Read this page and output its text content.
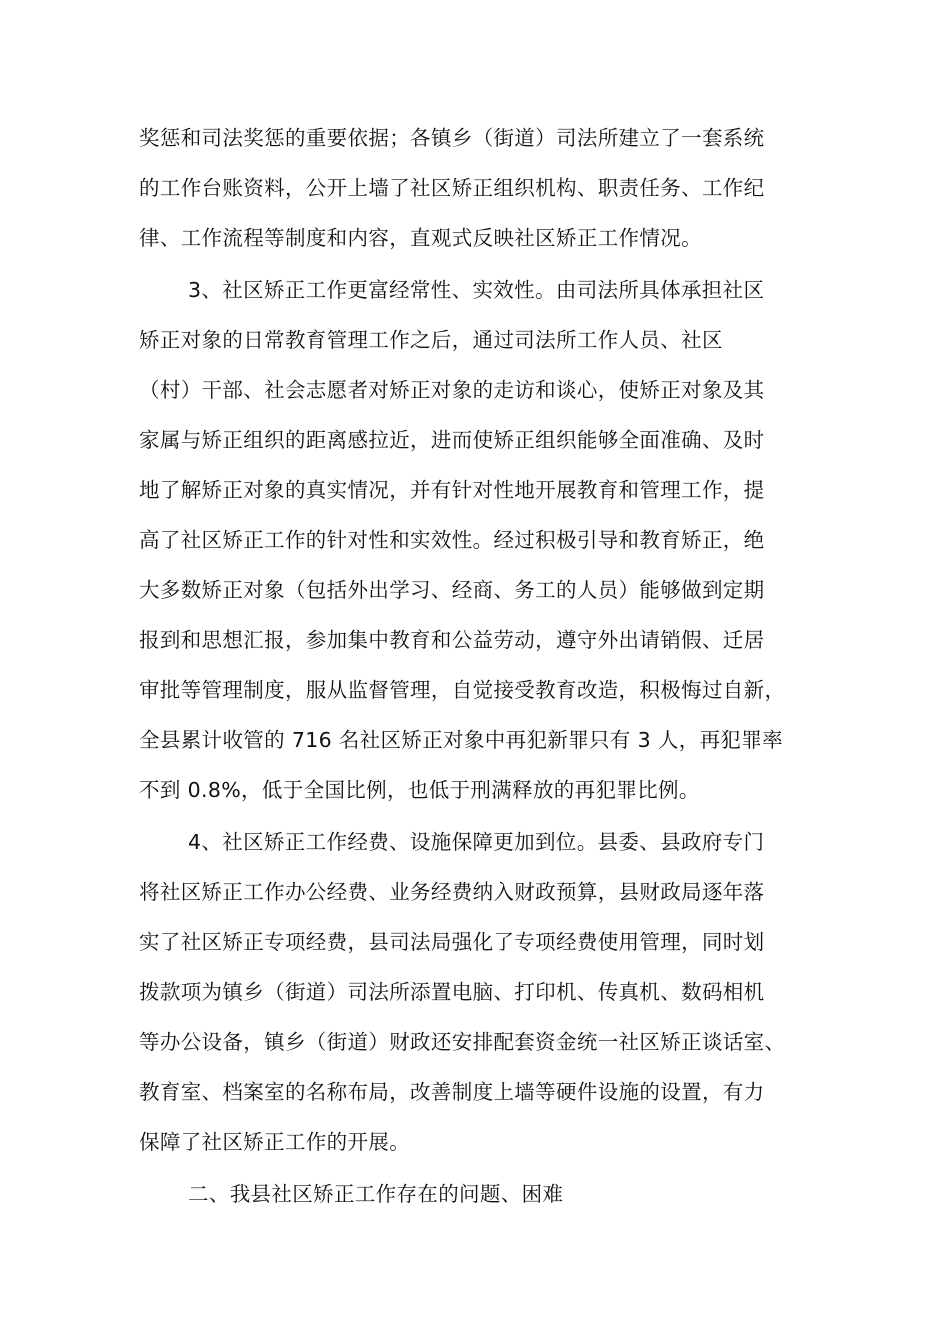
奖惩和司法奖惩的重要依据；各镇乡（街道）司法所建立了一套系统
的工作台账资料，公开上墙了社区矫正组织机构、职责任务、工作纪
律、工作流程等制度和内容，直观式反映社区矫正工作情况。
3、社区矫正工作更富经常性、实效性。由司法所具体承担社区
矫正对象的日常教育管理工作之后，通过司法所工作人员、社区
（村）干部、社会志愿者对矫正对象的走访和谈心，使矫正对象及其
家属与矫正组织的距离感拉近，进而使矫正组织能够全面准确、及时
地了解矫正对象的真实情况，并有针对性地开展教育和管理工作，提
高了社区矫正工作的针对性和实效性。经过积极引导和教育矫正，绝
大多数矫正对象（包括外出学习、经商、务工的人员）能够做到定期
报到和思想汇报，参加集中教育和公益劳动，遵守外出请销假、迁居
审批等管理制度，服从监督管理，自觉接受教育改造，积极悔过自新，
全县累计收管的 716 名社区矫正对象中再犯新罪只有 3 人，再犯罪率
不到 0.8%，低于全国比例，也低于刑满释放的再犯罪比例。
4、社区矫正工作经费、设施保障更加到位。县委、县政府专门
将社区矫正工作办公经费、业务经费纳入财政预算，县财政局逐年落
实了社区矫正专项经费，县司法局强化了专项经费使用管理，同时划
拨款项为镇乡（街道）司法所添置电脑、打印机、传真机、数码相机
等办公设备，镇乡（街道）财政还安排配套资金统一社区矫正谈话室、
教育室、档案室的名称布局，改善制度上墙等硬件设施的设置，有力
保障了社区矫正工作的开展。
二、我县社区矫正工作存在的问题、困难
